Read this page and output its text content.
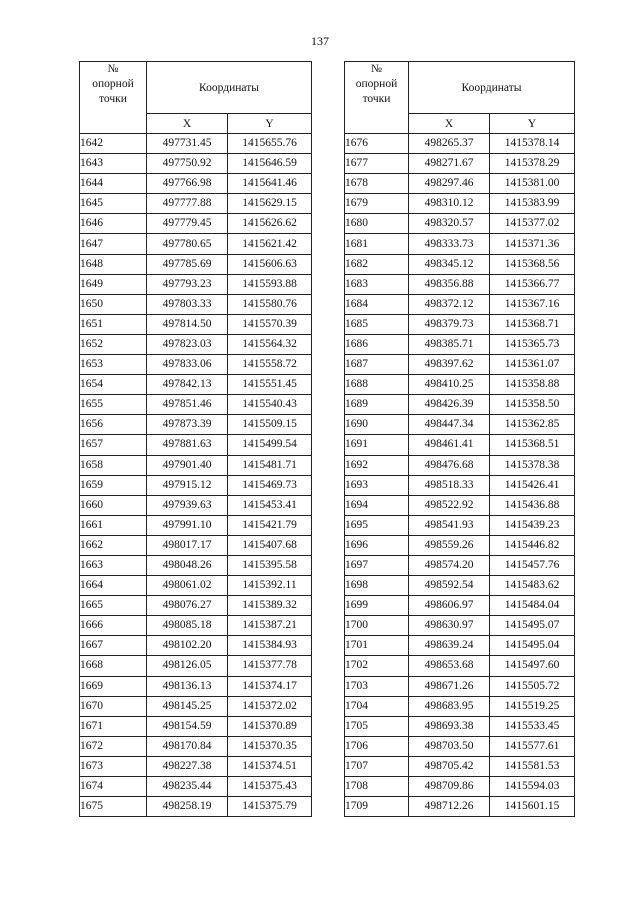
137
№
опорной
точки	Координаты	
	X	Y
1642	497731.45	1415655.76
1643	497750.92	1415646.59
1644	497766.98	1415641.46
1645	497777.88	1415629.15
1646	497779.45	1415626.62
1647	497780.65	1415621.42
1648	497785.69	1415606.63
1649	497793.23	1415593.88
1650	497803.33	1415580.76
1651	497814.50	1415570.39
1652	497823.03	1415564.32
1653	497833.06	1415558.72
1654	497842.13	1415551.45
1655	497851.46	1415540.43
1656	497873.39	1415509.15
1657	497881.63	1415499.54
1658	497901.40	1415481.71
1659	497915.12	1415469.73
1660	497939.63	1415453.41
1661	497991.10	1415421.79
1662	498017.17	1415407.68
1663	498048.26	1415395.58
1664	498061.02	1415392.11
1665	498076.27	1415389.32
1666	498085.18	1415387.21
1667	498102.20	1415384.93
1668	498126.05	1415377.78
1669	498136.13	1415374.17
1670	498145.25	1415372.02
1671	498154.59	1415370.89
1672	498170.84	1415370.35
1673	498227.38	1415374.51
1674	498235.44	1415375.43
1675	498258.19	1415375.79
№
опорной
точки	Координаты	
	X	Y
1676	498265.37	1415378.14
1677	498271.67	1415378.29
1678	498297.46	1415381.00
1679	498310.12	1415383.99
1680	498320.57	1415377.02
1681	498333.73	1415371.36
1682	498345.12	1415368.56
1683	498356.88	1415366.77
1684	498372.12	1415367.16
1685	498379.73	1415368.71
1686	498385.71	1415365.73
1687	498397.62	1415361.07
1688	498410.25	1415358.88
1689	498426.39	1415358.50
1690	498447.34	1415362.85
1691	498461.41	1415368.51
1692	498476.68	1415378.38
1693	498518.33	1415426.41
1694	498522.92	1415436.88
1695	498541.93	1415439.23
1696	498559.26	1415446.82
1697	498574.20	1415457.76
1698	498592.54	1415483.62
1699	498606.97	1415484.04
1700	498630.97	1415495.07
1701	498639.24	1415495.04
1702	498653.68	1415497.60
1703	498671.26	1415505.72
1704	498683.95	1415519.25
1705	498693.38	1415533.45
1706	498703.50	1415577.61
1707	498705.42	1415581.53
1708	498709.86	1415594.03
1709	498712.26	1415601.15
